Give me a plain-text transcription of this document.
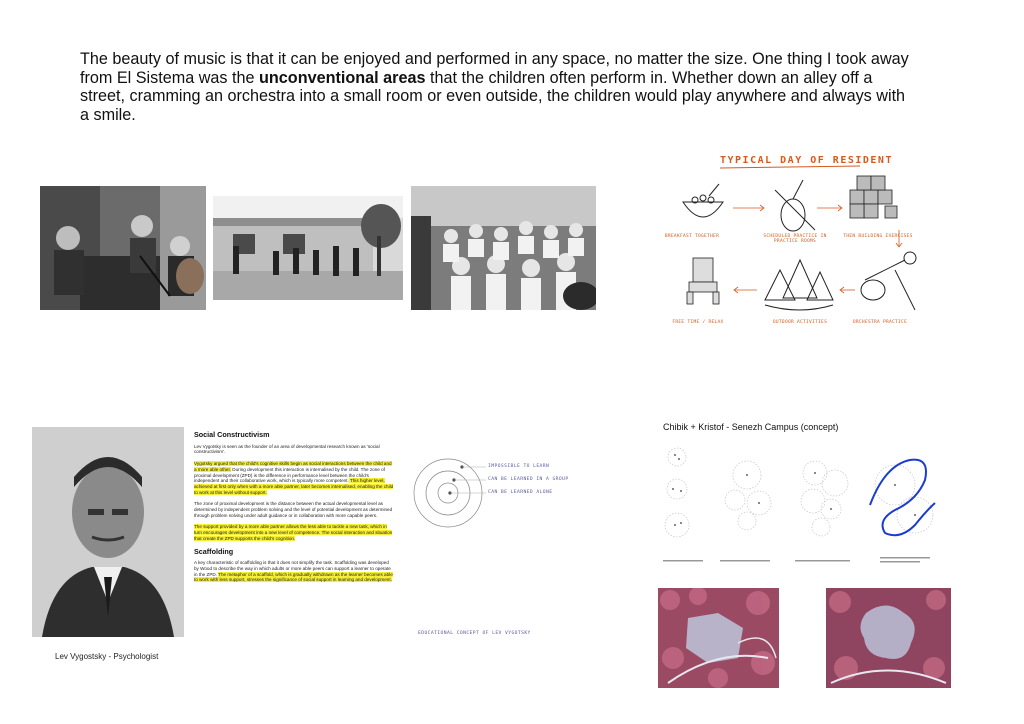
The beauty of music is that it can be enjoyed and performed in any space, no matter the size. One thing I took away from El Sistema was the unconventional areas that the children often perform in. Whether down an alley off a street, cramming an orchestra into a small room or even outside, the children would play anywhere and always with a smile.
TYPICAL DAY OF RESIDENT
BREAKFAST TOGETHER	SCHEDULED PRACTICE IN PRACTICE ROOMS
THEN BUILDING EXERCISES
ORCHESTRA PRACTICE
OUTDOOR ACTIVITIES
FREE TIME / RELAX
Lev Vygostsky - Psychologist
Social Constructivism

Lev Vygotsky is seen as the founder of an area of developmental research known as 'social constructivism'.

Vygotsky argued that the child's cognitive skills begin as social interactions between the child and a more able other. During development this interaction is internalised by the child. The zone of proximal development (ZPD) is the difference in performance level between the child's independent and their collaborative work, which is typically more competent. This higher level, achieved at first only when with a more able partner, later becomes internalised, enabling the child to work at this level without support.

The zone of proximal development is the distance between the actual developmental level as determined by independent problem solving and the level of potential development as determined through problem solving under adult guidance or in collaboration with more capable peers.

The support provided by a more able partner allows the less able to tackle a new task, which in turn encourages development into a new level of competence. The social interaction and situation that create the ZPD supports the child's cognition.

Scaffolding

A key characteristic of scaffolding is that it does not simplify the task. Scaffolding was developed by Wood to describe the way in which adults or more able peers can support a learner to operate in the ZPD. The metaphor of a scaffold, which is gradually withdrawn as the learner becomes able to work with less support, stresses the significance of social support in learning and development.

IMPOSSIBLE TO LEARN
CAN BE LEARNED IN A GROUP
CAN BE LEARNED ALONE
EDUCATIONAL CONCEPT OF LEV VYGOTSKY
Chibik + Kristof - Senezh Campus (concept)
